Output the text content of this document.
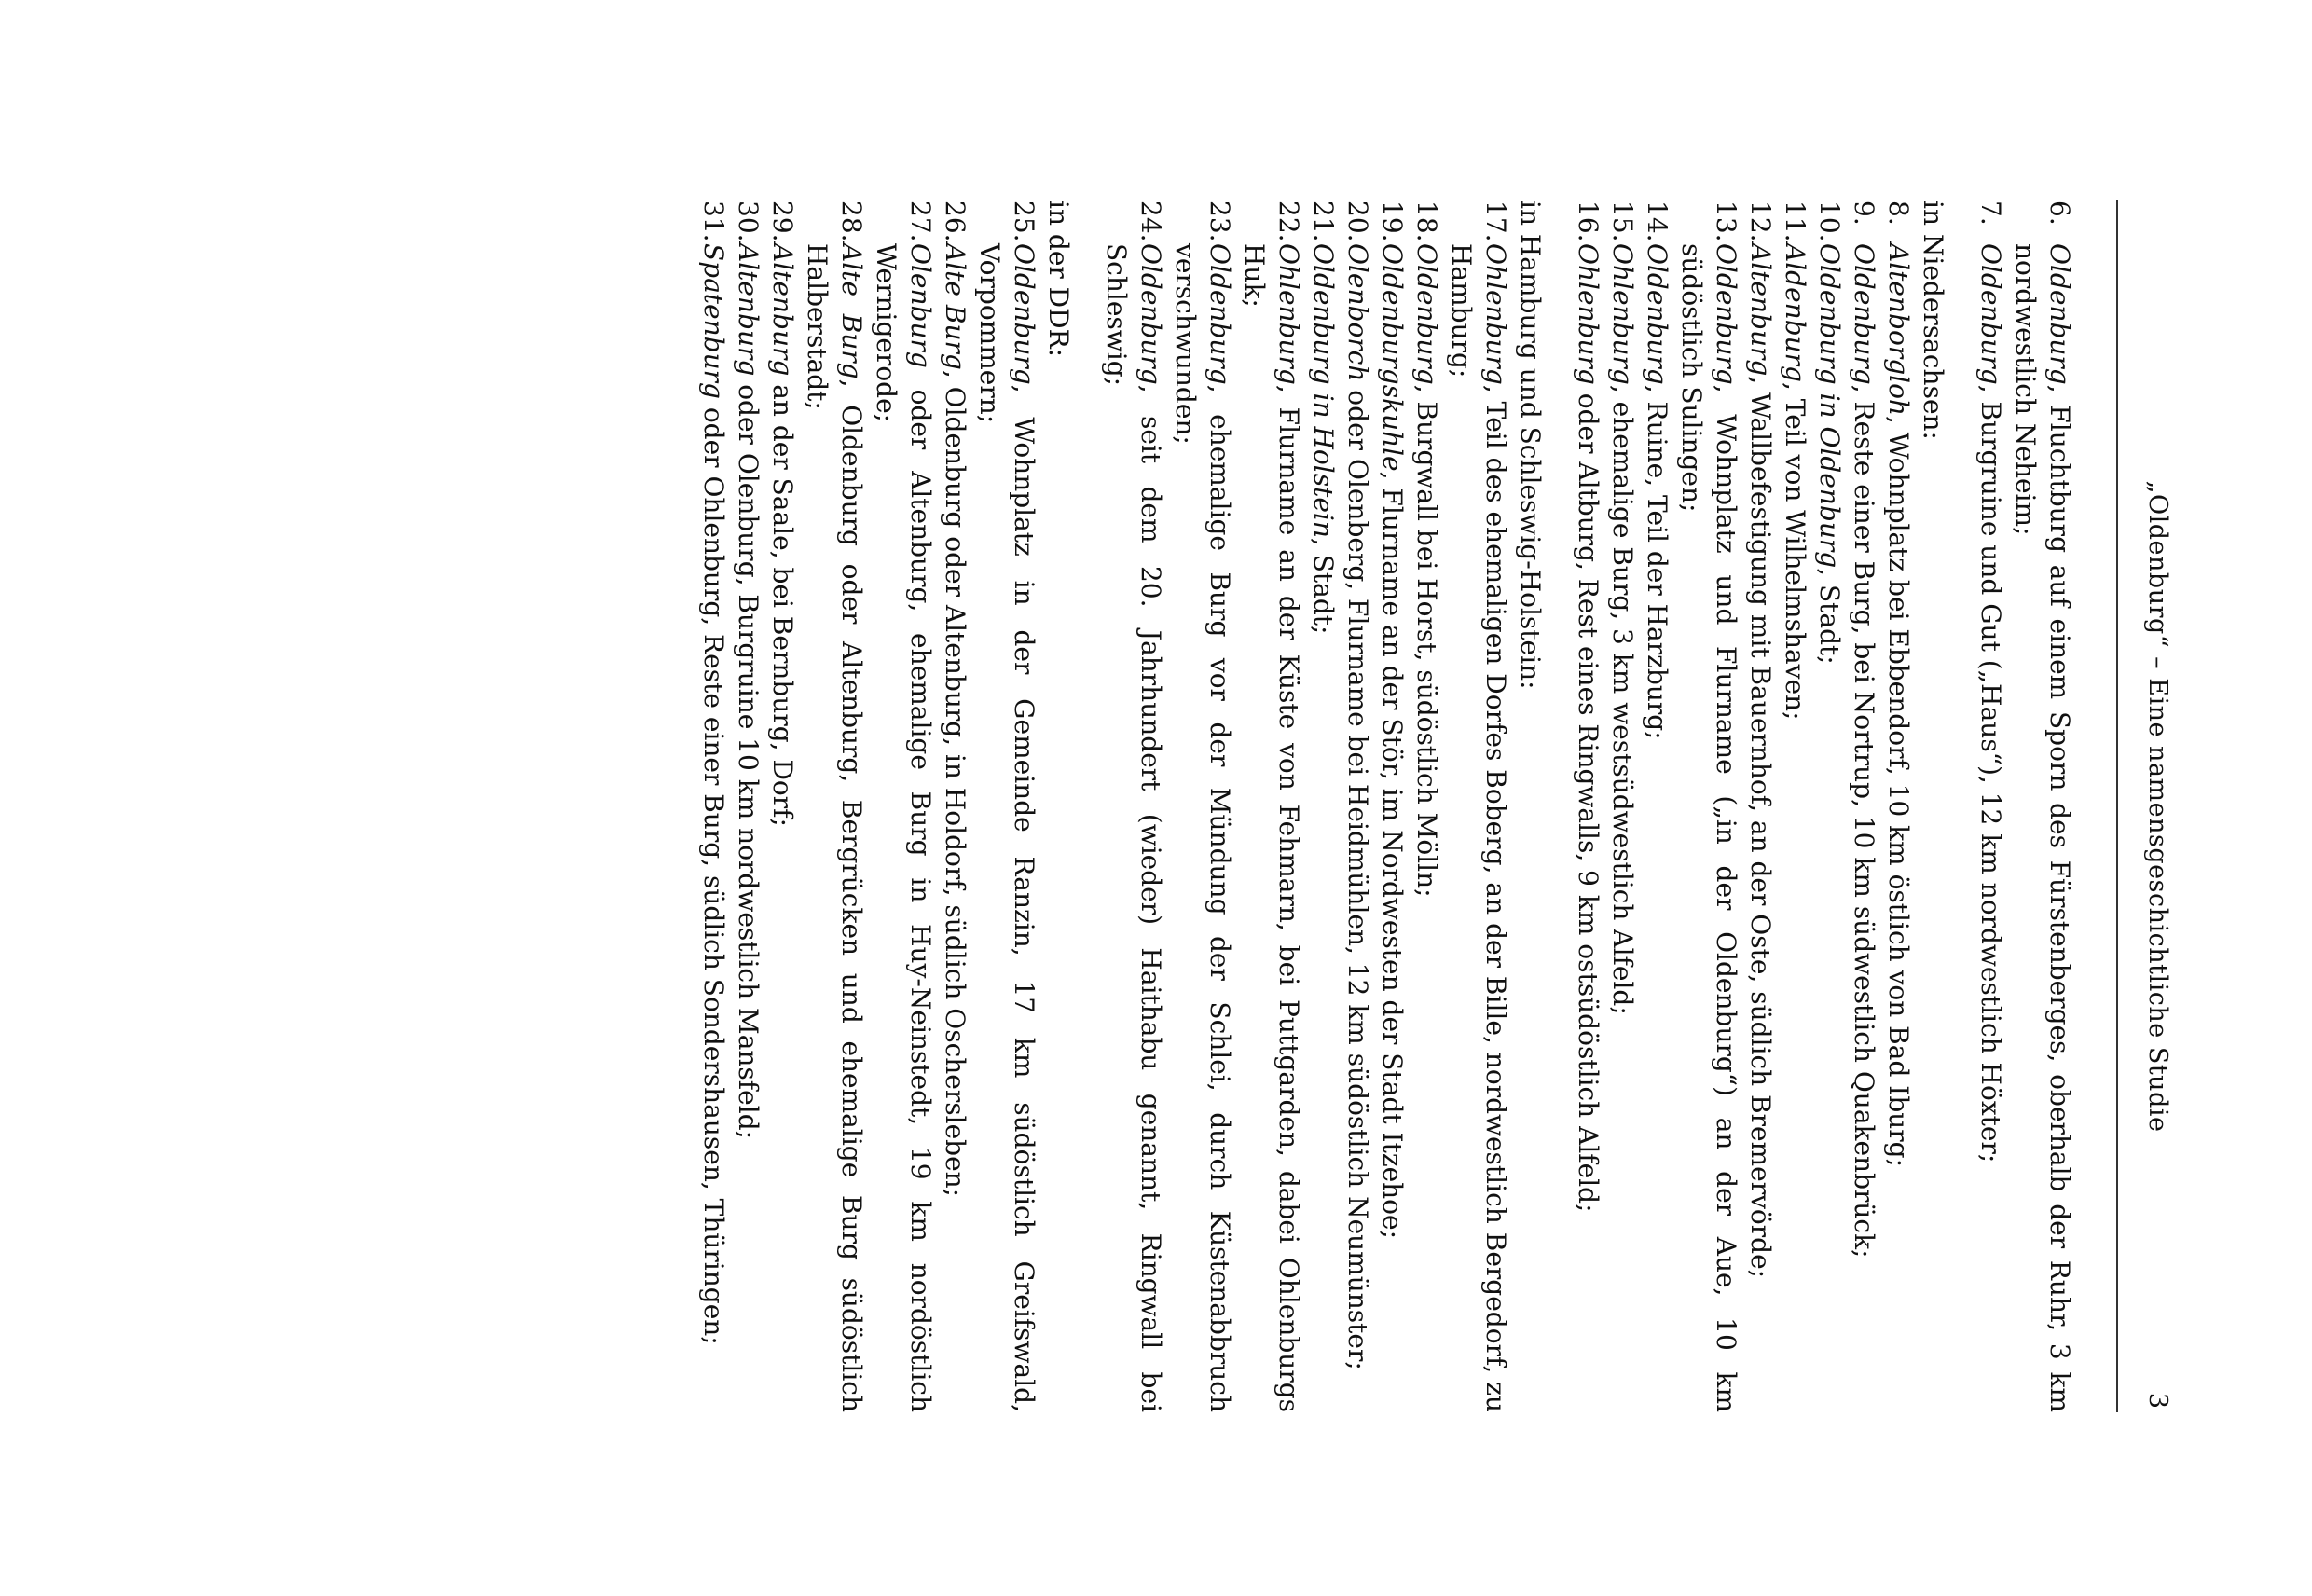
„Oldenburg“ – Eine namensgeschichtliche Studie
3
6.
Oldenburg, Fluchtburg auf einem Sporn des Fürstenberges, oberhalb der Ruhr, 3 km nordwestlich Neheim;
7.
Oldenburg, Burgruine und Gut („Haus“), 12 km nordwestlich Höxter;
in Niedersachsen:
8.
Altenborgloh, Wohnplatz bei Ebbendorf, 10 km östlich von Bad Iburg;
9.
Oldenburg, Reste einer Burg, bei Nortrup, 10 km südwestlich Quakenbrück;
10.
Oldenburg in Oldenburg, Stadt;
11.
Aldenburg, Teil von Wilhelmshaven;
12.
Altenburg, Wallbefestigung mit Bauernhof, an der Oste, südlich Bremervörde;
13.
Oldenburg, Wohnplatz und Flurname („in der Oldenburg“) an der Aue, 10 km südöstlich Sulingen;
14.
Oldenburg, Ruine, Teil der Harzburg;
15.
Ohlenburg, ehemalige Burg, 3 km westsüdwestlich Alfeld;
16.
Ohlenburg oder Altburg, Rest eines Ringwalls, 9 km ostsüdöstlich Alfeld;
in Hamburg und Schleswig-Holstein:
17.
Ohlenburg, Teil des ehemaligen Dorfes Boberg, an der Bille, nordwestlich Bergedorf, zu Hamburg;
18.
Oldenburg, Burgwall bei Horst, südöstlich Mölln;
19.
Oldenburgskuhle, Flurname an der Stör, im Nordwesten der Stadt Itzehoe;
20.
Olenborch oder Olenberg, Flurname bei Heidmühlen, 12 km südöstlich Neumünster;
21.
Oldenburg in Holstein, Stadt;
22.
Ohlenburg, Flurname an der Küste von Fehmarn, bei Puttgarden, dabei Ohlenburgs Huk;
23.
Oldenburg, ehemalige Burg vor der Mündung der Schlei, durch Küstenabbruch verschwunden;
24.
Oldenburg, seit dem 20. Jahrhundert (wieder) Haithabu genannt, Ringwall bei Schleswig;
in der DDR:
25.
Oldenburg, Wohnplatz in der Gemeinde Ranzin, 17 km südöstlich Greifswald, Vorpommern;
26.
Alte Burg, Oldenburg oder Altenburg, in Holdorf, südlich Oschersleben;
27.
Olenburg oder Altenburg, ehemalige Burg in Huy-Neinstedt, 19 km nordöstlich Wernigerode;
28.
Alte Burg, Oldenburg oder Altenburg, Bergrücken und ehemalige Burg südöstlich Halberstadt;
29.
Altenburg an der Saale, bei Bernburg, Dorf;
30.
Altenburg oder Olenburg, Burgruine 10 km nordwestlich Mansfeld;
31.
Spatenburg oder Ohlenburg, Reste einer Burg, südlich Sondershausen, Thüringen;
